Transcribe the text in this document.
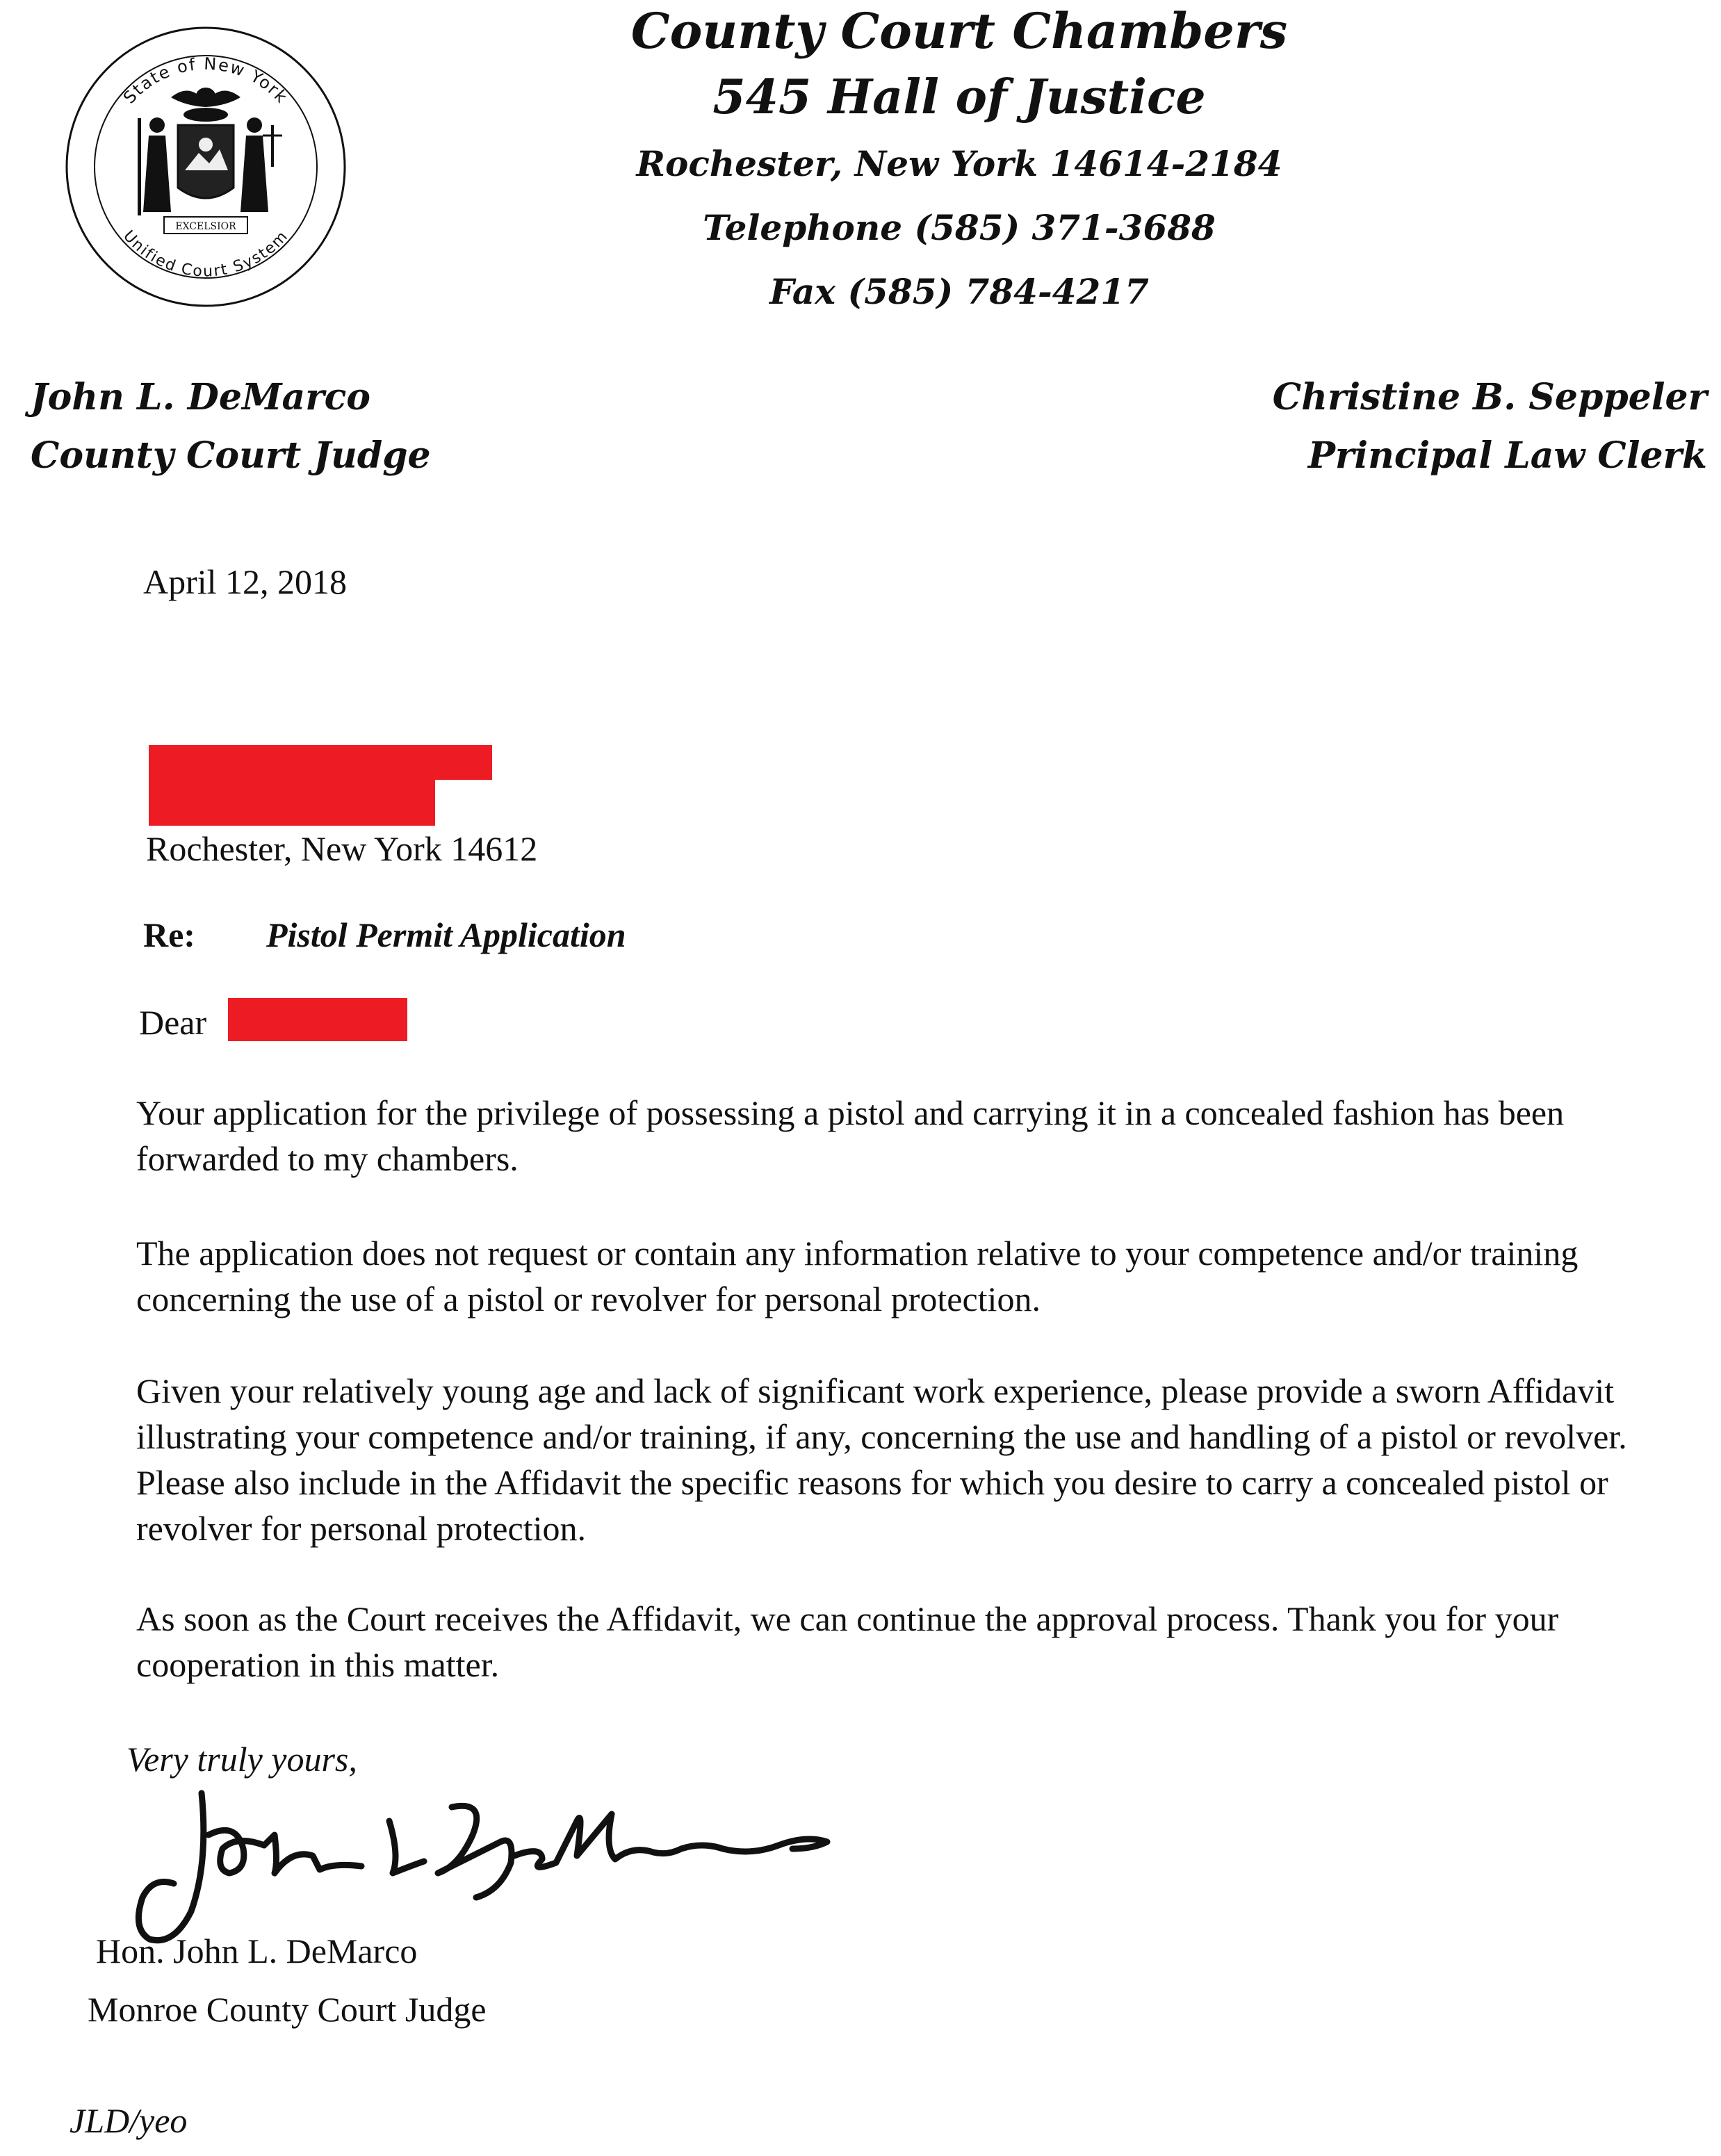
State of New York
Unified Court System
EXCELSIOR
County Court Chambers
545 Hall of Justice
Rochester, New York 14614-2184
Telephone (585) 371-3688
Fax (585) 784-4217
John L. DeMarco
County Court Judge
Christine B. Seppeler
Principal Law Clerk
April 12, 2018
Rochester, New York 14612
Re: Pistol Permit Application
Dear
Your application for the privilege of possessing a pistol and carrying it in a concealed fashion has been forwarded to my chambers.
The application does not request or contain any information relative to your competence and/or training concerning the use of a pistol or revolver for personal protection.
Given your relatively young age and lack of significant work experience, please provide a sworn Affidavit illustrating your competence and/or training, if any, concerning the use and handling of a pistol or revolver. Please also include in the Affidavit the specific reasons for which you desire to carry a concealed pistol or revolver for personal protection.
As soon as the Court receives the Affidavit, we can continue the approval process. Thank you for your cooperation in this matter.
Very truly yours,
Hon. John L. DeMarco
Monroe County Court Judge
JLD/yeo
